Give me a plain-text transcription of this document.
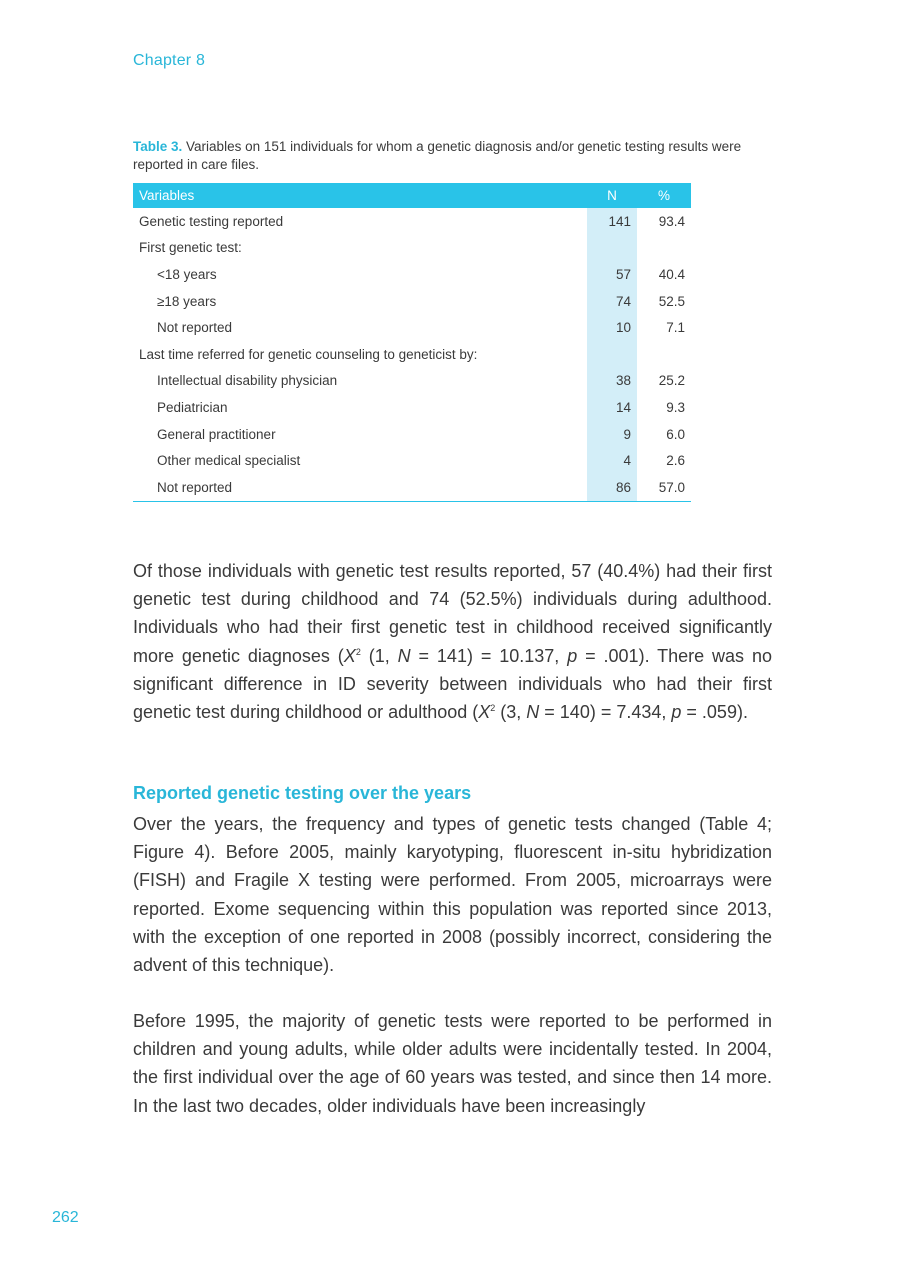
Chapter 8
Table 3. Variables on 151 individuals for whom a genetic diagnosis and/or genetic testing results were reported in care files.
Variables	N	%
Genetic testing reported	141	93.4
First genetic test:		
<18 years	57	40.4
≥18 years	74	52.5
Not reported	10	7.1
Last time referred for genetic counseling to geneticist by:		
Intellectual disability physician	38	25.2
Pediatrician	14	9.3
General practitioner	9	6.0
Other medical specialist	4	2.6
Not reported	86	57.0

Of those individuals with genetic test results reported, 57 (40.4%) had their first genetic test during childhood and 74 (52.5%) individuals during adulthood. Individuals who had their first genetic test in childhood received significantly more genetic diagnoses ($X^2$ (1, N = 141) = 10.137, p = .001). There was no significant difference in ID severity between individuals who had their first genetic test during childhood or adulthood ($X^2$ (3, N = 140) = 7.434, p = .059).

Reported genetic testing over the years

Over the years, the frequency and types of genetic tests changed (Table 4; Figure 4). Before 2005, mainly karyotyping, fluorescent in-situ hybridization (FISH) and Fragile X testing were performed. From 2005, microarrays were reported. Exome sequencing within this population was reported since 2013, with the exception of one reported in 2008 (possibly incorrect, considering the advent of this technique).

Before 1995, the majority of genetic tests were reported to be performed in children and young adults, while older adults were incidentally tested. In 2004, the first individual over the age of 60 years was tested, and since then 14 more. In the last two decades, older individuals have been increasingly

262
